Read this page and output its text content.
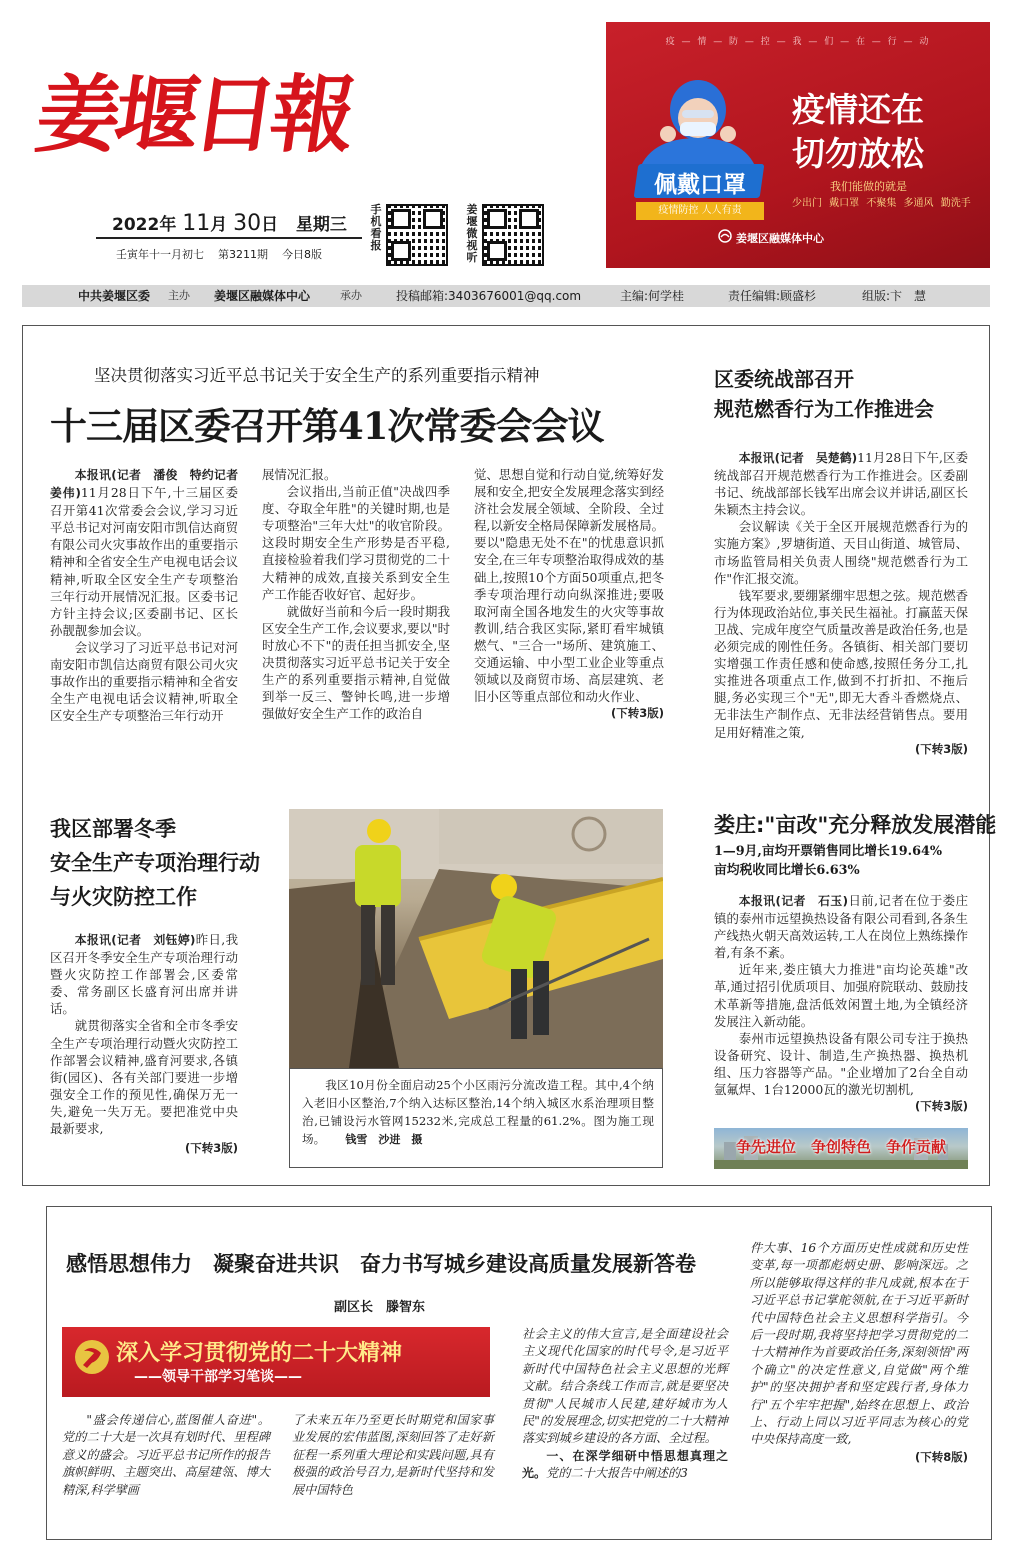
姜堰日報
2022年 11月 30日 星期三
壬寅年十一月初七 第3211期 今日8版
手机看报
姜堰微视听
疫 — 情 — 防 — 控 — 我 — 们 — 在 — 行 — 动
佩戴口罩
疫情防控 人人有责
疫情还在
切勿放松
我们能做的就是
少出门 戴口罩 不聚集 多通风 勤洗手
姜堰区融媒体中心
中共姜堰区委 主办 姜堰区融媒体中心	承办	投稿邮箱:3403676001@qq.com	主编:何学桂	责任编辑:顾盛杉	组版:卞　慧
坚决贯彻落实习近平总书记关于安全生产的系列重要指示精神
十三届区委召开第41次常委会会议

本报讯(记者　潘俊　特约记者　姜伟)11月28日下午,十三届区委召开第41次常委会会议,学习习近平总书记对河南安阳市凯信达商贸有限公司火灾事故作出的重要指示精神和全省安全生产电视电话会议精神,听取全区安全生产专项整治三年行动开展情况汇报。区委书记方针主持会议;区委副书记、区长孙靓靓参加会议。

会议学习了习近平总书记对河南安阳市凯信达商贸有限公司火灾事故作出的重要指示精神和全省安全生产电视电话会议精神,听取全区安全生产专项整治三年行动开

展情况汇报。

会议指出,当前正值"决战四季度、夺取全年胜"的关键时期,也是专项整治"三年大灶"的收官阶段。这段时期安全生产形势是否平稳,直接检验着我们学习贯彻党的二十大精神的成效,直接关系到安全生产工作能否收好官、起好步。

就做好当前和今后一段时期我区安全生产工作,会议要求,要以"时时放心不下"的责任担当抓安全,坚决贯彻落实习近平总书记关于安全生产的系列重要指示精神,自觉做到举一反三、警钟长鸣,进一步增强做好安全生产工作的政治自

觉、思想自觉和行动自觉,统筹好发展和安全,把安全发展理念落实到经济社会发展全领域、全阶段、全过程,以新安全格局保障新发展格局。要以"隐患无处不在"的忧患意识抓安全,在三年专项整治取得成效的基础上,按照10个方面50项重点,把冬季专项治理行动向纵深推进;要吸取河南全国各地发生的火灾等事故教训,结合我区实际,紧盯看牢城镇燃气、"三合一"场所、建筑施工、交通运输、中小型工业企业等重点领域以及商贸市场、高层建筑、老旧小区等重点部位和动火作业、

(下转3版)
区委统战部召开
规范燃香行为工作推进会

本报讯(记者　吴楚鹤)11月28日下午,区委统战部召开规范燃香行为工作推进会。区委副书记、统战部部长钱军出席会议并讲话,副区长朱颖杰主持会议。

会议解读《关于全区开展规范燃香行为的实施方案》,罗塘街道、天目山街道、城管局、市场监管局相关负责人围绕"规范燃香行为工作"作汇报交流。

钱军要求,要绷紧绷牢思想之弦。规范燃香行为体现政治站位,事关民生福祉。打赢蓝天保卫战、完成年度空气质量改善是政治任务,也是必须完成的刚性任务。各镇街、相关部门要切实增强工作责任感和使命感,按照任务分工,扎实推进各项重点工作,做到不打折扣、不拖后腿,务必实现三个"无",即无大香斗香燃烧点、无非法生产制作点、无非法经营销售点。要用足用好精准之策,

(下转3版)
我区部署冬季
安全生产专项治理行动
与火灾防控工作

本报讯(记者　刘钰婷)昨日,我区召开冬季安全生产专项治理行动暨火灾防控工作部署会,区委常委、常务副区长盛育河出席并讲话。

就贯彻落实全省和全市冬季安全生产专项治理行动暨火灾防控工作部署会议精神,盛育河要求,各镇街(园区)、各有关部门要进一步增强安全工作的预见性,确保万无一失,避免一失万无。要把准党中央最新要求,

(下转3版)
我区10月份全面启动25个小区雨污分流改造工程。其中,4个纳入老旧小区整治,7个纳入达标区整治,14个纳入城区水系治理项目整治,已铺设污水管网15232米,完成总工程量的61.2%。图为施工现场。 钱雪　沙进　摄
娄庄:"亩改"充分释放发展潜能
1—9月,亩均开票销售同比增长19.64%
亩均税收同比增长6.63%

本报讯(记者　石玉)日前,记者在位于娄庄镇的泰州市远望换热设备有限公司看到,各条生产线热火朝天高效运转,工人在岗位上熟练操作着,有条不紊。

近年来,娄庄镇大力推进"亩均论英雄"改革,通过招引优质项目、加强府院联动、鼓励技术革新等措施,盘活低效闲置土地,为全镇经济发展注入新动能。

泰州市远望换热设备有限公司专注于换热设备研究、设计、制造,生产换热器、换热机组、压力容器等产品。"企业增加了2台全自动氩氟焊、1台12000瓦的激光切割机,

(下转3版)
争先进位　争创特色　争作贡献
感悟思想伟力　凝聚奋进共识　奋力书写城乡建设高质量发展新答卷
副区长　滕智东
深入学习贯彻党的二十大精神
——领导干部学习笔谈——

"盛会传递信心,蓝图催人奋进"。党的二十大是一次具有划时代、里程碑意义的盛会。习近平总书记所作的报告旗帜鲜明、主题突出、高屋建瓴、博大精深,科学擘画

了未来五年乃至更长时期党和国家事业发展的宏伟蓝图,深刻回答了走好新征程一系列重大理论和实践问题,具有极强的政治号召力,是新时代坚持和发展中国特色

社会主义的伟大宣言,是全面建设社会主义现代化国家的时代号令,是习近平新时代中国特色社会主义思想的光辉文献。结合条线工作而言,就是要坚决贯彻"人民城市人民建,建好城市为人民"的发展理念,切实把党的二十大精神落实到城乡建设的各方面、全过程。

一、在深学细研中悟思想真理之光。党的二十大报告中阐述的3

件大事、16个方面历史性成就和历史性变革,每一项都彪炳史册、影响深远。之所以能够取得这样的非凡成就,根本在于习近平总书记掌舵领航,在于习近平新时代中国特色社会主义思想科学指引。今后一段时期,我将坚持把学习贯彻党的二十大精神作为首要政治任务,深刻领悟"两个确立"的决定性意义,自觉做"两个维护"的坚决拥护者和坚定践行者,身体力行"五个牢牢把握",始终在思想上、政治上、行动上同以习近平同志为核心的党中央保持高度一致,

(下转8版)
